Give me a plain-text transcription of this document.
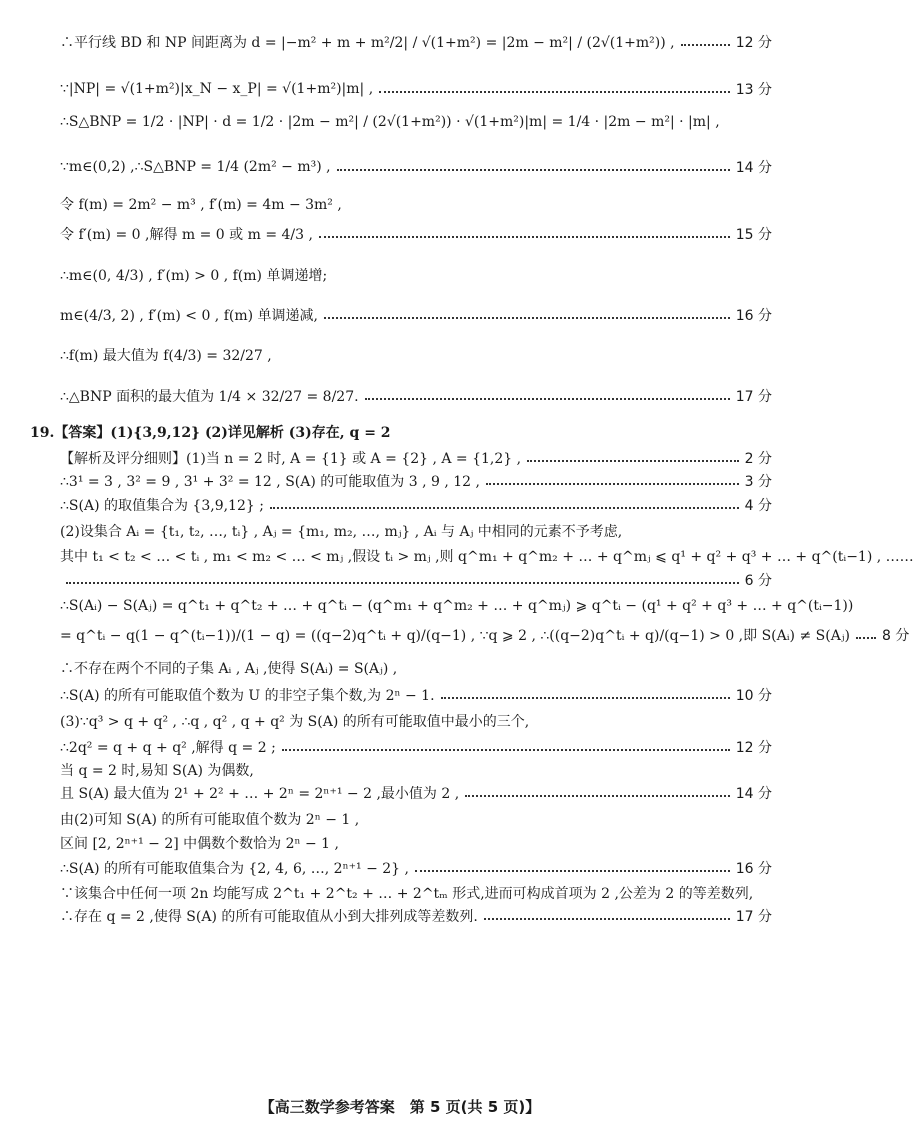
∴平行线 BD 和 NP 间距离为 d = |−m² + m + m²/2| / √(1+m²) = |2m − m²| / (2√(1+m²)) ,	12 分
∵|NP| = √(1+m²)|x_N − x_P| = √(1+m²)|m| ,	13 分
∴S△BNP = 1/2 · |NP| · d = 1/2 · |2m − m²| / (2√(1+m²)) · √(1+m²)|m| = 1/4 · |2m − m²| · |m| ,
∵m∈(0,2) ,∴S△BNP = 1/4 (2m² − m³) ,	14 分
令 f(m) = 2m² − m³ , f′(m) = 4m − 3m² ,
令 f′(m) = 0 ,解得 m = 0 或 m = 4/3 ,	15 分
∴m∈(0, 4/3) , f′(m) > 0 , f(m) 单调递增;
m∈(4/3, 2) , f′(m) < 0 , f(m) 单调递减,	16 分
∴f(m) 最大值为 f(4/3) = 32/27 ,
∴△BNP 面积的最大值为 1/4 × 32/27 = 8/27.	17 分
19.【答案】(1){3,9,12} (2)详见解析 (3)存在, q = 2
【解析及评分细则】(1)当 n = 2 时, A = {1} 或 A = {2} , A = {1,2} ,	2 分
∴3¹ = 3 , 3² = 9 , 3¹ + 3² = 12 , S(A) 的可能取值为 3 , 9 , 12 ,	3 分
∴S(A) 的取值集合为 {3,9,12} ;	4 分
(2)设集合 Aᵢ = {t₁, t₂, …, tᵢ} , Aⱼ = {m₁, m₂, …, mⱼ} , Aᵢ 与 Aⱼ 中相同的元素不予考虑,
其中 t₁ < t₂ < … < tᵢ , m₁ < m₂ < … < mⱼ ,假设 tᵢ > mⱼ ,则 q^m₁ + q^m₂ + … + q^mⱼ ⩽ q¹ + q² + q³ + … + q^(tᵢ−1) , ……
6 分
∴S(Aᵢ) − S(Aⱼ) = q^t₁ + q^t₂ + … + q^tᵢ − (q^m₁ + q^m₂ + … + q^mⱼ) ⩾ q^tᵢ − (q¹ + q² + q³ + … + q^(tᵢ−1))
= q^tᵢ − q(1 − q^(tᵢ−1))/(1 − q) = ((q−2)q^tᵢ + q)/(q−1) , ∵q ⩾ 2 , ∴((q−2)q^tᵢ + q)/(q−1) > 0 ,即 S(Aᵢ) ≠ S(Aⱼ) 8 分
∴不存在两个不同的子集 Aᵢ , Aⱼ ,使得 S(Aᵢ) = S(Aⱼ) ,
∴S(A) 的所有可能取值个数为 U 的非空子集个数,为 2ⁿ − 1.	10 分
(3)∵q³ > q + q² , ∴q , q² , q + q² 为 S(A) 的所有可能取值中最小的三个,
∴2q² = q + q + q² ,解得 q = 2 ;	12 分
当 q = 2 时,易知 S(A) 为偶数,
且 S(A) 最大值为 2¹ + 2² + … + 2ⁿ = 2ⁿ⁺¹ − 2 ,最小值为 2 ,	14 分
由(2)可知 S(A) 的所有可能取值个数为 2ⁿ − 1 ,
区间 [2, 2ⁿ⁺¹ − 2] 中偶数个数恰为 2ⁿ − 1 ,
∴S(A) 的所有可能取值集合为 {2, 4, 6, …, 2ⁿ⁺¹ − 2} ,	16 分
∵该集合中任何一项 2n 均能写成 2^t₁ + 2^t₂ + … + 2^tₘ 形式,进而可构成首项为 2 ,公差为 2 的等差数列,
∴存在 q = 2 ,使得 S(A) 的所有可能取值从小到大排列成等差数列.	17 分
【高三数学参考答案　第 5 页(共 5 页)】
